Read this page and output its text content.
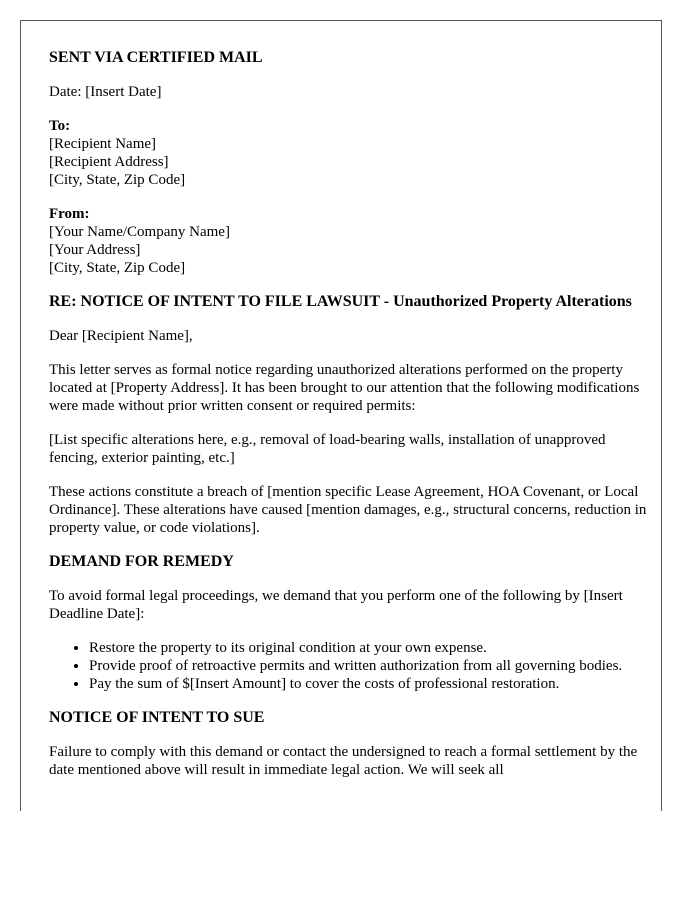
SENT VIA CERTIFIED MAIL

Date: [Insert Date]

To:
[Recipient Name]
[Recipient Address]
[City, State, Zip Code]

From:
[Your Name/Company Name]
[Your Address]
[City, State, Zip Code]

RE: NOTICE OF INTENT TO FILE LAWSUIT - Unauthorized Property Alterations

Dear [Recipient Name],

This letter serves as formal notice regarding unauthorized alterations performed on the property located at [Property Address]. It has been brought to our attention that the following modifications were made without prior written consent or required permits:

[List specific alterations here, e.g., removal of load-bearing walls, installation of unapproved fencing, exterior painting, etc.]

These actions constitute a breach of [mention specific Lease Agreement, HOA Covenant, or Local Ordinance]. These alterations have caused [mention damages, e.g., structural concerns, reduction in property value, or code violations].

DEMAND FOR REMEDY

To avoid formal legal proceedings, we demand that you perform one of the following by [Insert Deadline Date]:

• Restore the property to its original condition at your own expense.
• Provide proof of retroactive permits and written authorization from all governing bodies.
• Pay the sum of $[Insert Amount] to cover the costs of professional restoration.

NOTICE OF INTENT TO SUE

Failure to comply with this demand or contact the undersigned to reach a formal settlement by the date mentioned above will result in immediate legal action. We will seek all
